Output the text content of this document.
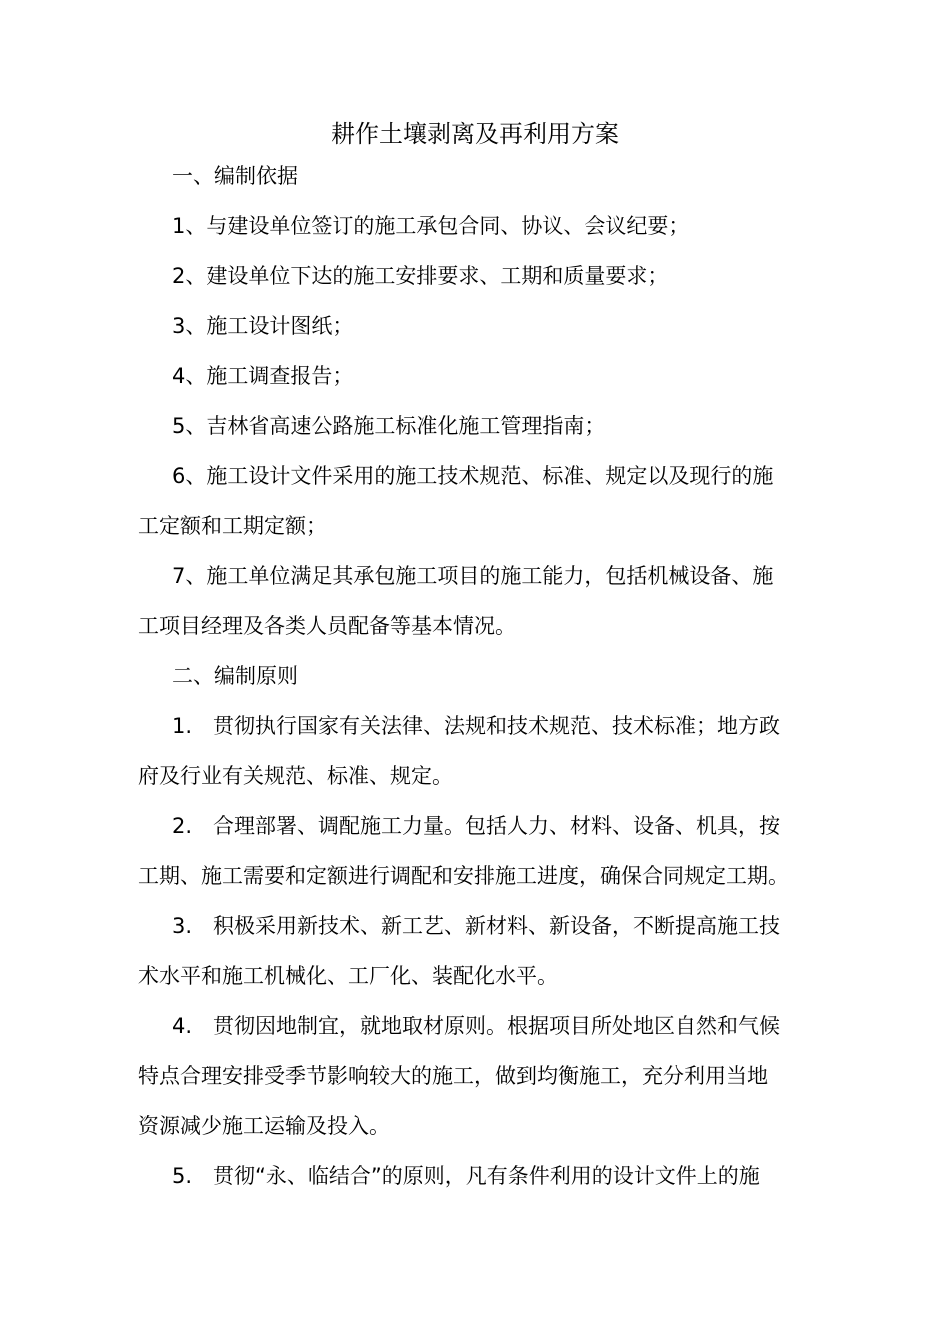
耕作土壤剥离及再利用方案
一、编制依据
1、与建设单位签订的施工承包合同、协议、会议纪要；
2、建设单位下达的施工安排要求、工期和质量要求；
3、施工设计图纸；
4、施工调查报告；
5、吉林省高速公路施工标准化施工管理指南；
6、施工设计文件采用的施工技术规范、标准、规定以及现行的施
工定额和工期定额；
7、施工单位满足其承包施工项目的施工能力，包括机械设备、施
工项目经理及各类人员配备等基本情况。
二、编制原则
1.　贯彻执行国家有关法律、法规和技术规范、技术标准；地方政
府及行业有关规范、标准、规定。
2.　合理部署、调配施工力量。包括人力、材料、设备、机具，按
工期、施工需要和定额进行调配和安排施工进度，确保合同规定工期。
3.　积极采用新技术、新工艺、新材料、新设备，不断提高施工技
术水平和施工机械化、工厂化、装配化水平。
4.　贯彻因地制宜，就地取材原则。根据项目所处地区自然和气候
特点合理安排受季节影响较大的施工，做到均衡施工，充分利用当地
资源减少施工运输及投入。
5.　贯彻“永、临结合”的原则，凡有条件利用的设计文件上的施
